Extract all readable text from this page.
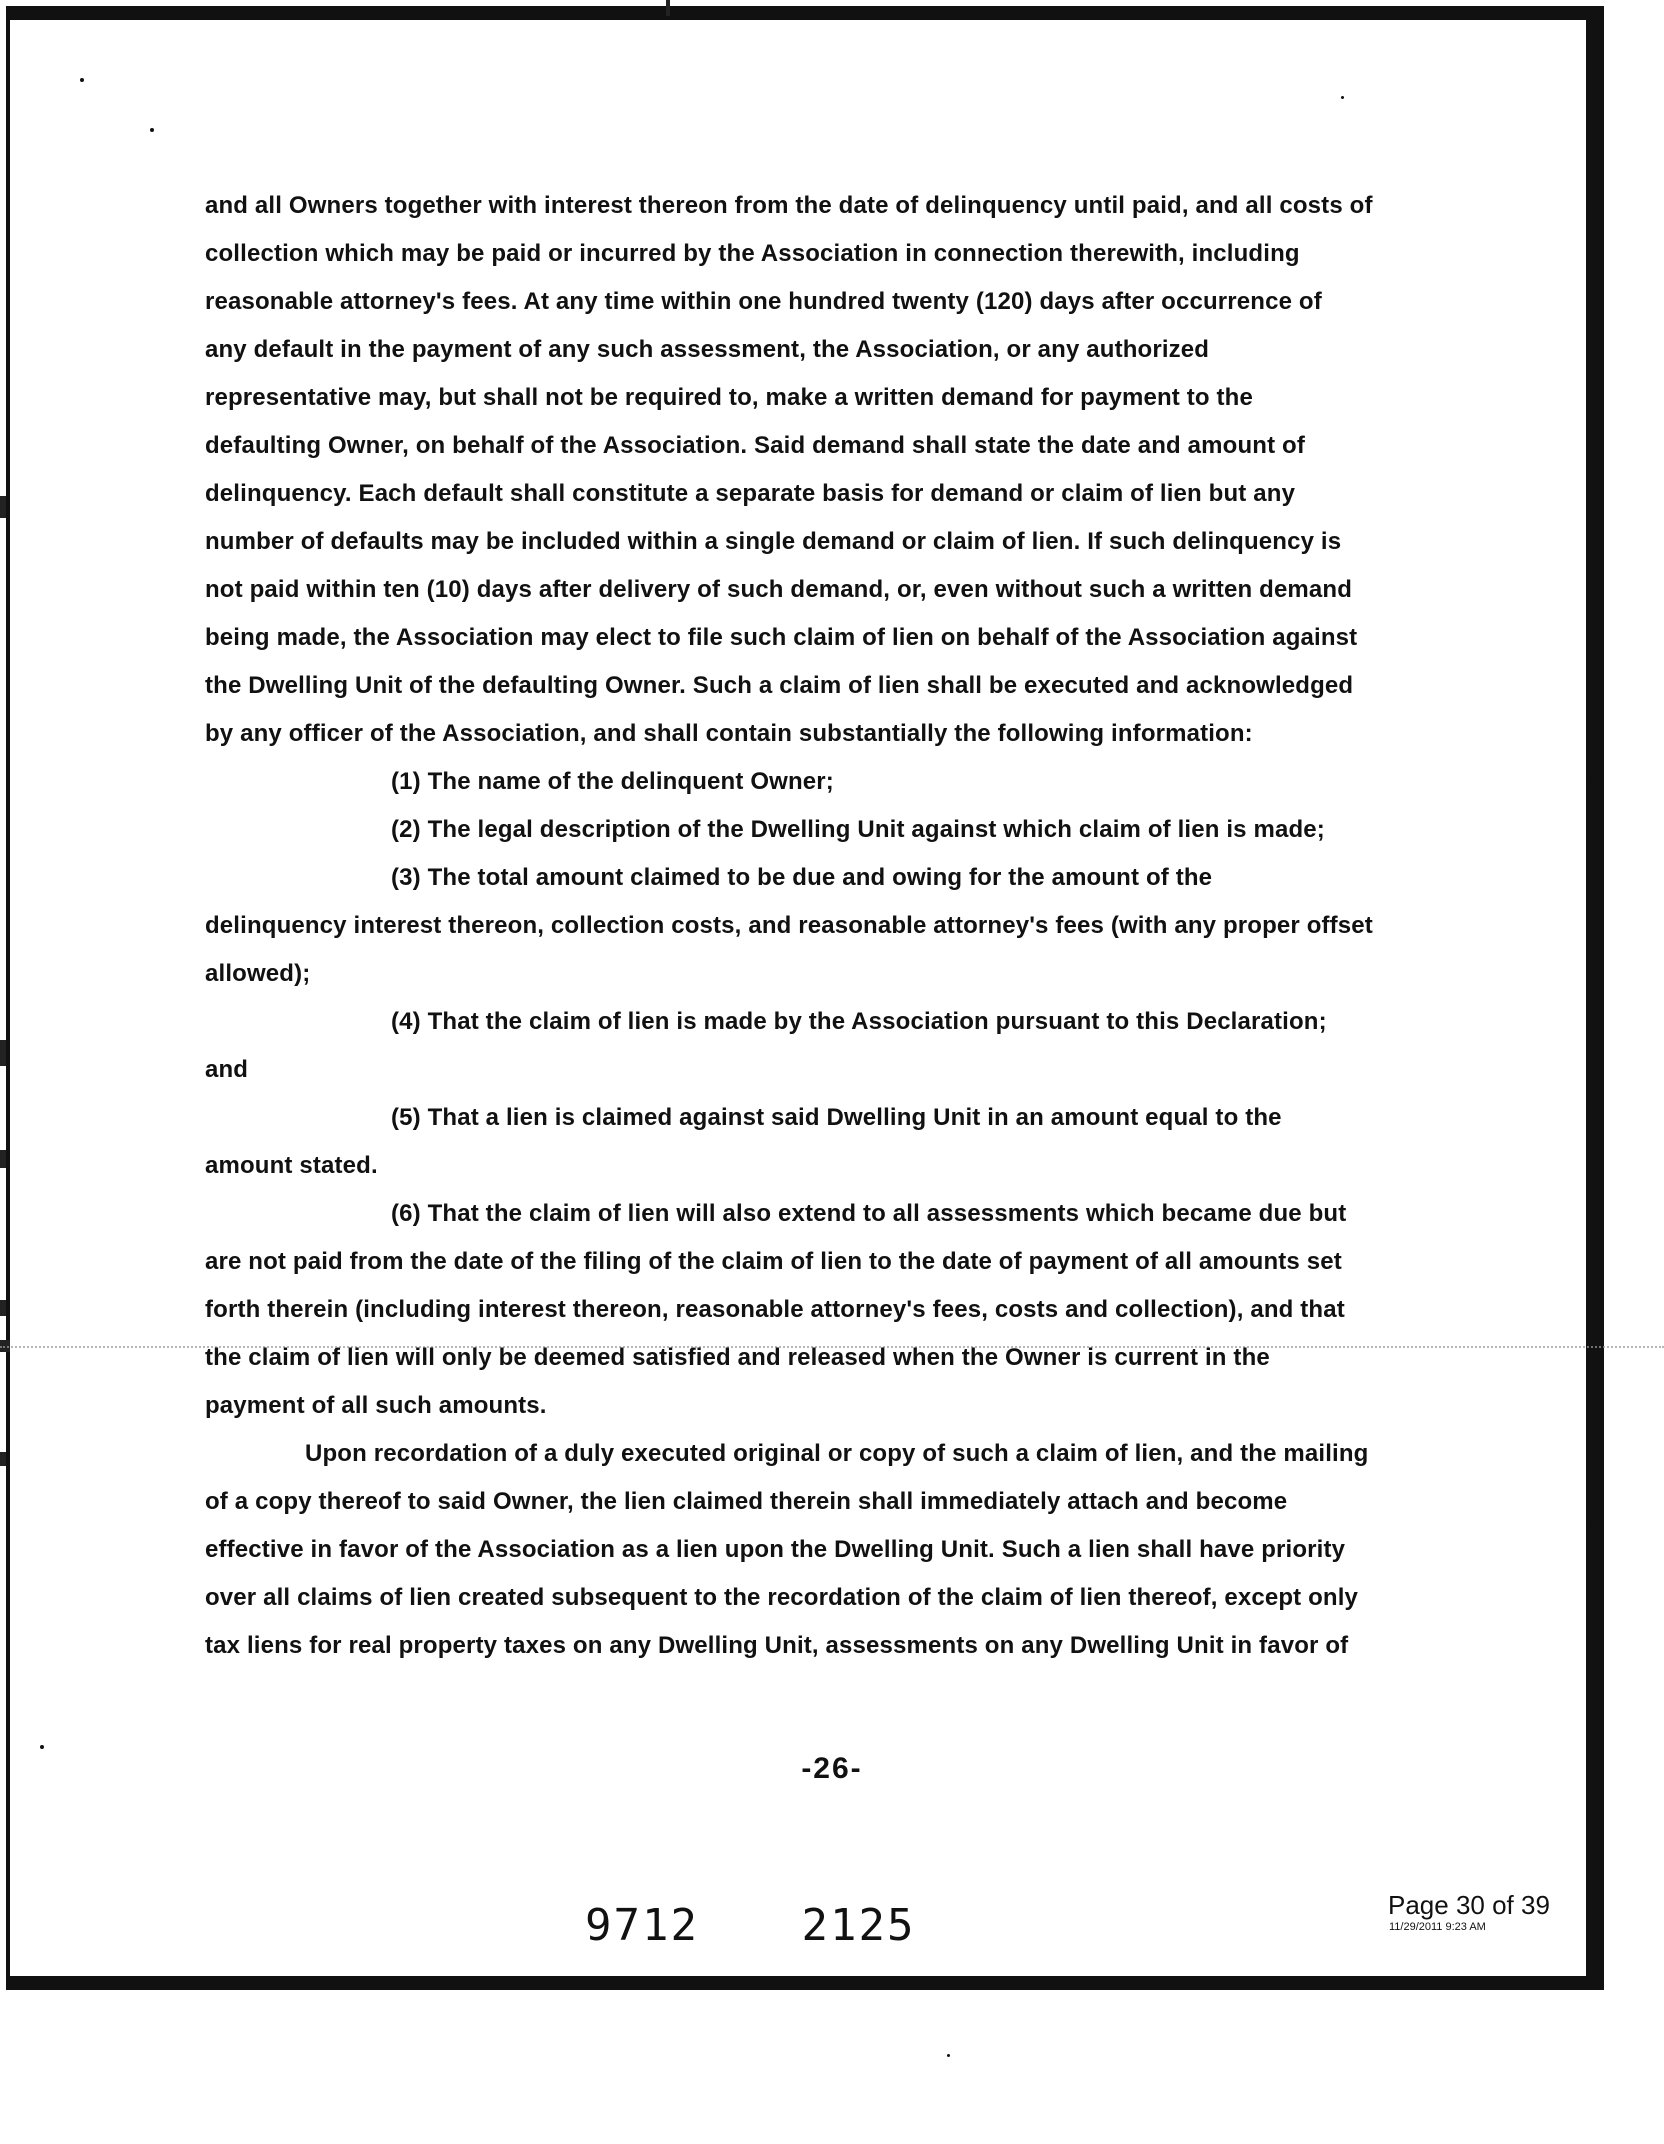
and all Owners together with interest thereon from the date of delinquency until paid, and all costs of

collection which may be paid or incurred by the Association in connection therewith, including

reasonable attorney's fees. At any time within one hundred twenty (120) days after occurrence of

any default in the payment of any such assessment, the Association, or any authorized

representative may, but shall not be required to, make a written demand for payment to the

defaulting Owner, on behalf of the Association. Said demand shall state the date and amount of

delinquency. Each default shall constitute a separate basis for demand or claim of lien but any

number of defaults may be included within a single demand or claim of lien. If such delinquency is

not paid within ten (10) days after delivery of such demand, or, even without such a written demand

being made, the Association may elect to file such claim of lien on behalf of the Association against

the Dwelling Unit of the defaulting Owner. Such a claim of lien shall be executed and acknowledged

by any officer of the Association, and shall contain substantially the following information:

(1) The name of the delinquent Owner;

(2) The legal description of the Dwelling Unit against which claim of lien is made;

(3) The total amount claimed to be due and owing for the amount of the

delinquency interest thereon, collection costs, and reasonable attorney's fees (with any proper offset

allowed);

(4) That the claim of lien is made by the Association pursuant to this Declaration;

and

(5) That a lien is claimed against said Dwelling Unit in an amount equal to the

amount stated.

(6) That the claim of lien will also extend to all assessments which became due but

are not paid from the date of the filing of the claim of lien to the date of payment of all amounts set

forth therein (including interest thereon, reasonable attorney's fees, costs and collection), and that

the claim of lien will only be deemed satisfied and released when the Owner is current in the

payment of all such amounts.

Upon recordation of a duly executed original or copy of such a claim of lien, and the mailing

of a copy thereof to said Owner, the lien claimed therein shall immediately attach and become

effective in favor of the Association as a lien upon the Dwelling Unit. Such a lien shall have priority

over all claims of lien created subsequent to the recordation of the claim of lien thereof, except only

tax liens for real property taxes on any Dwelling Unit, assessments on any Dwelling Unit in favor of

-26-
9712 2125	Page 30 of 39
11/29/2011 9:23 AM
